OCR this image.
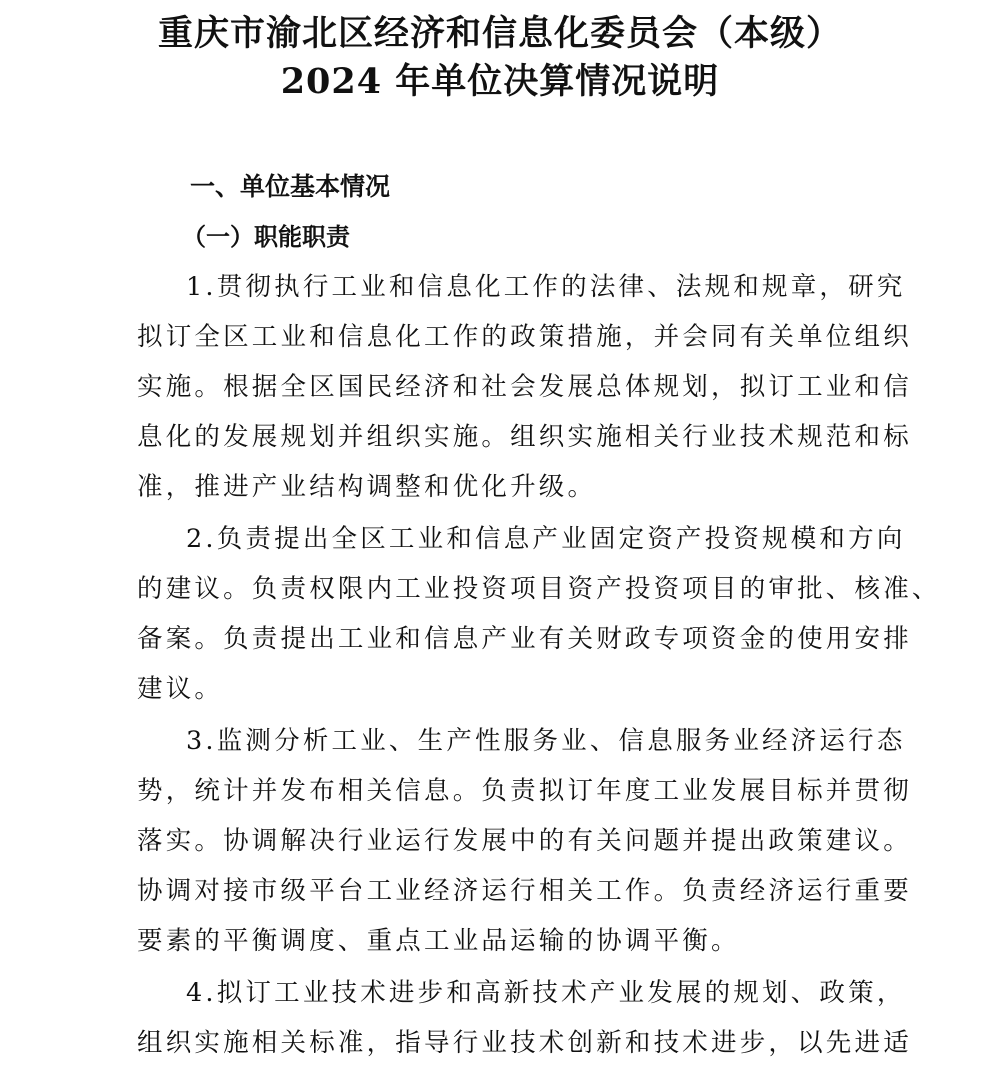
重庆市渝北区经济和信息化委员会（本级）
2024 年单位决算情况说明
一、单位基本情况
（一）职能职责
1.贯彻执行工业和信息化工作的法律、法规和规章，研究
拟订全区工业和信息化工作的政策措施，并会同有关单位组织
实施。根据全区国民经济和社会发展总体规划，拟订工业和信
息化的发展规划并组织实施。组织实施相关行业技术规范和标
准，推进产业结构调整和优化升级。
2.负责提出全区工业和信息产业固定资产投资规模和方向
的建议。负责权限内工业投资项目资产投资项目的审批、核准、
备案。负责提出工业和信息产业有关财政专项资金的使用安排
建议。
3.监测分析工业、生产性服务业、信息服务业经济运行态
势，统计并发布相关信息。负责拟订年度工业发展目标并贯彻
落实。协调解决行业运行发展中的有关问题并提出政策建议。
协调对接市级平台工业经济运行相关工作。负责经济运行重要
要素的平衡调度、重点工业品运输的协调平衡。
4.拟订工业技术进步和高新技术产业发展的规划、政策，
组织实施相关标准，指导行业技术创新和技术进步，以先进适
